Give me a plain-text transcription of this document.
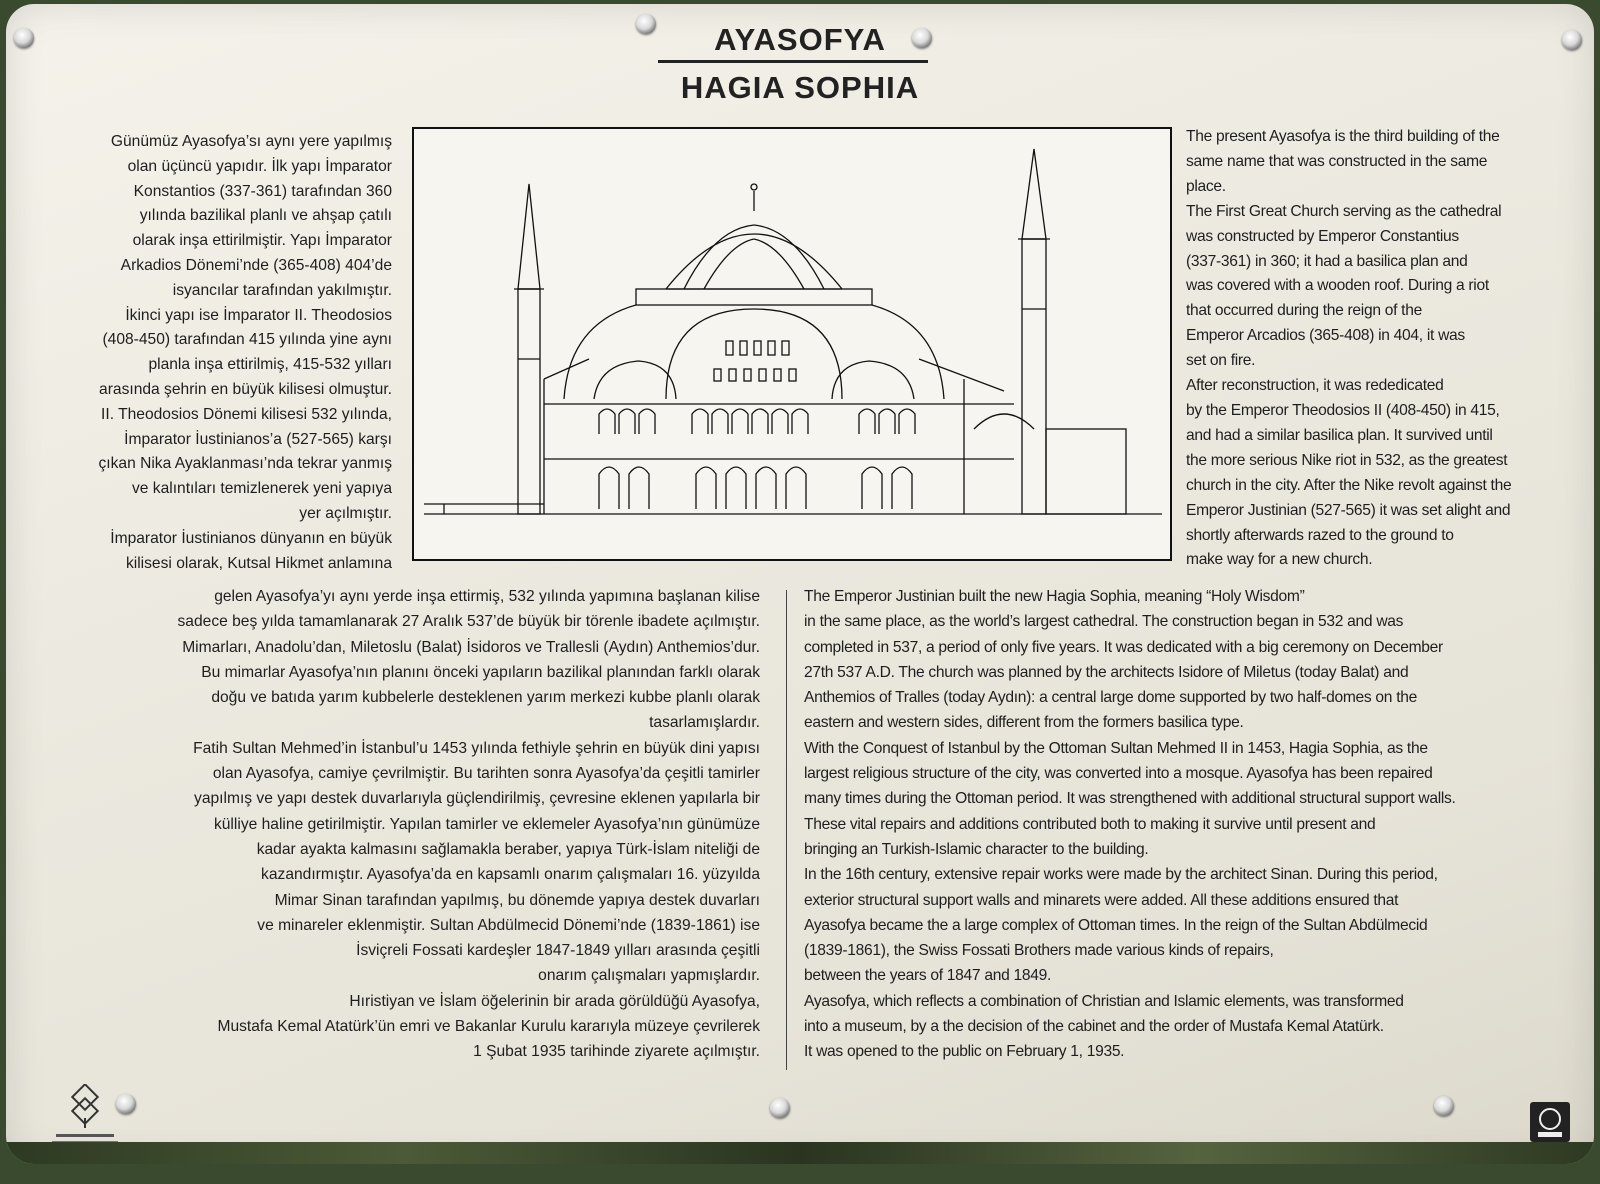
AYASOFYA
HAGIA SOPHIA

Günümüz Ayasofya’sı aynı yere yapılmış
olan üçüncü yapıdır. İlk yapı İmparator
Konstantios (337-361) tarafından 360
yılında bazilikal planlı ve ahşap çatılı
olarak inşa ettirilmiştir. Yapı İmparator
Arkadios Dönemi’nde (365-408) 404’de
isyancılar tarafından yakılmıştır.
İkinci yapı ise İmparator II. Theodosios
(408-450) tarafından 415 yılında yine aynı
planla inşa ettirilmiş, 415-532 yılları
arasında şehrin en büyük kilisesi olmuştur.
II. Theodosios Dönemi kilisesi 532 yılında,
İmparator İustinianos’a (527-565) karşı
çıkan Nika Ayaklanması’nda tekrar yanmış
ve kalıntıları temizlenerek yeni yapıya
yer açılmıştır.
İmparator İustinianos dünyanın en büyük
kilisesi olarak, Kutsal Hikmet anlamına

The present Ayasofya is the third building of the
same name that was constructed in the same
place.
The First Great Church serving as the cathedral
was constructed by Emperor Constantius
(337-361) in 360; it had a basilica plan and
was covered with a wooden roof. During a riot
that occurred during the reign of the
Emperor Arcadios (365-408) in 404, it was
set on fire.
After reconstruction, it was rededicated
by the Emperor Theodosios II (408-450) in 415,
and had a similar basilica plan. It survived until
the more serious Nike riot in 532, as the greatest
church in the city. After the Nike revolt against the
Emperor Justinian (527-565) it was set alight and
shortly afterwards razed to the ground to
make way for a new church.

gelen Ayasofya’yı aynı yerde inşa ettirmiş, 532 yılında yapımına başlanan kilise
sadece beş yılda tamamlanarak 27 Aralık 537’de büyük bir törenle ibadete açılmıştır.
Mimarları, Anadolu’dan, Miletoslu (Balat) İsidoros ve Trallesli (Aydın) Anthemios’dur.
Bu mimarlar Ayasofya’nın planını önceki yapıların bazilikal planından farklı olarak
doğu ve batıda yarım kubbelerle desteklenen yarım merkezi kubbe planlı olarak
tasarlamışlardır.
Fatih Sultan Mehmed’in İstanbul’u 1453 yılında fethiyle şehrin en büyük dini yapısı
olan Ayasofya, camiye çevrilmiştir. Bu tarihten sonra Ayasofya’da çeşitli tamirler
yapılmış ve yapı destek duvarlarıyla güçlendirilmiş, çevresine eklenen yapılarla bir
külliye haline getirilmiştir. Yapılan tamirler ve eklemeler Ayasofya’nın günümüze
kadar ayakta kalmasını sağlamakla beraber, yapıya Türk-İslam niteliği de
kazandırmıştır. Ayasofya’da en kapsamlı onarım çalışmaları 16. yüzyılda
Mimar Sinan tarafından yapılmış, bu dönemde yapıya destek duvarları
ve minareler eklenmiştir. Sultan Abdülmecid Dönemi’nde (1839-1861) ise
İsviçreli Fossati kardeşler 1847-1849 yılları arasında çeşitli
onarım çalışmaları yapmışlardır.
Hıristiyan ve İslam öğelerinin bir arada görüldüğü Ayasofya,
Mustafa Kemal Atatürk’ün emri ve Bakanlar Kurulu kararıyla müzeye çevrilerek
1 Şubat 1935 tarihinde ziyarete açılmıştır.

The Emperor Justinian built the new Hagia Sophia, meaning “Holy Wisdom”
in the same place, as the world’s largest cathedral. The construction began in 532 and was
completed in 537, a period of only five years. It was dedicated with a big ceremony on December
27th 537 A.D. The church was planned by the architects Isidore of Miletus (today Balat) and
Anthemios of Tralles (today Aydın): a central large dome supported by two half-domes on the
eastern and western sides, different from the formers basilica type.
With the Conquest of Istanbul by the Ottoman Sultan Mehmed II in 1453, Hagia Sophia, as the
largest religious structure of the city, was converted into a mosque. Ayasofya has been repaired
many times during the Ottoman period. It was strengthened with additional structural support walls.
These vital repairs and additions contributed both to making it survive until present and
bringing an Turkish-Islamic character to the building.
In the 16th century, extensive repair works were made by the architect Sinan. During this period,
exterior structural support walls and minarets were added. All these additions ensured that
Ayasofya became the a large complex of Ottoman times. In the reign of the Sultan Abdülmecid
(1839-1861), the Swiss Fossati Brothers made various kinds of repairs,
between the years of 1847 and 1849.
Ayasofya, which reflects a combination of Christian and Islamic elements, was transformed
into a museum, by a the decision of the cabinet and the order of Mustafa Kemal Atatürk.
It was opened to the public on February 1, 1935.
